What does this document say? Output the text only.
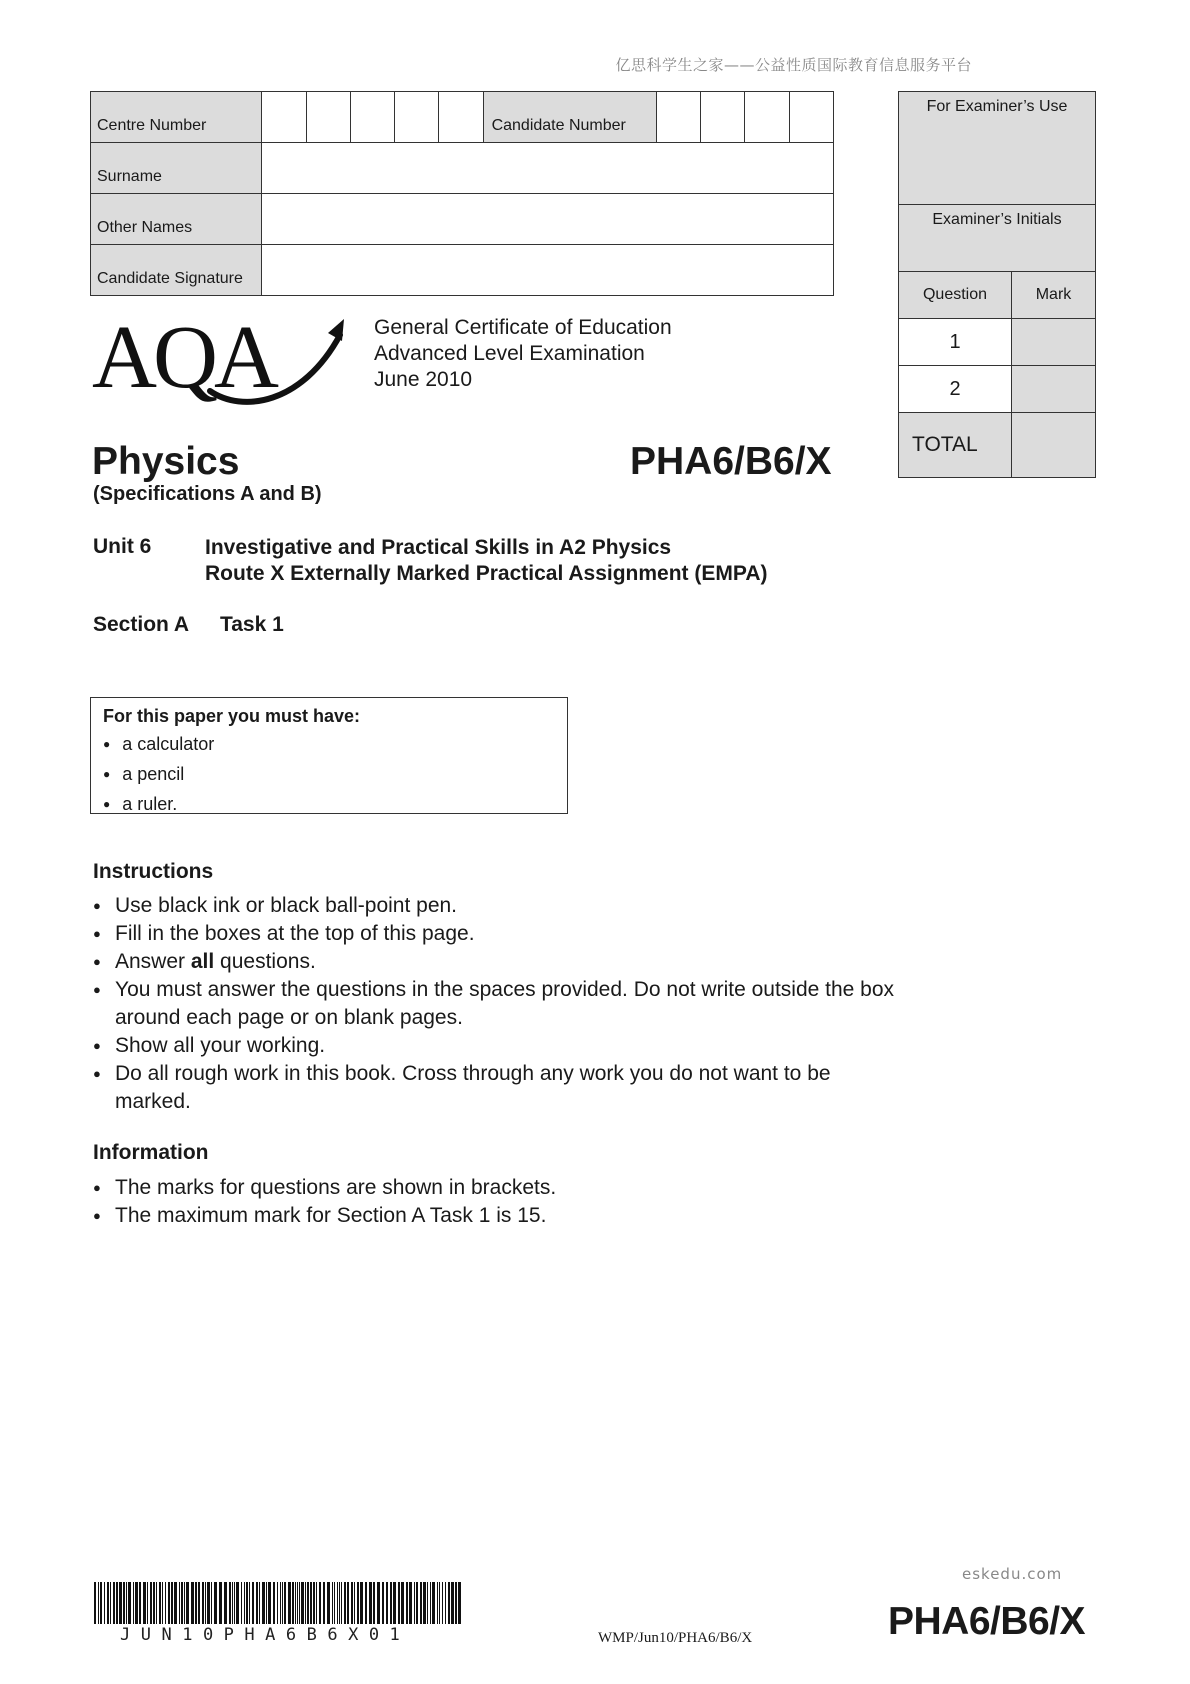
亿思科学生之家——公益性质国际教育信息服务平台
Centre Number						Candidate Number				
Surname										
Other Names										
Candidate Signature										
For Examiner’s Use
Examiner’s Initials
Question	Mark
1	
2	
TOTAL	
AQA	General Certificate of Education
Advanced Level Examination
June 2010
Physics	PHA6/B6/X
(Specifications A and B)
Unit 6	Investigative and Practical Skills in A2 Physics
Route X Externally Marked Practical Assignment (EMPA)
Section A Task 1
For this paper you must have:
● a calculator
● a pencil
● a ruler.
Instructions
● Use black ink or black ball-point pen.
● Fill in the boxes at the top of this page.
● Answer all questions.
● You must answer the questions in the spaces provided. Do not write outside the box around each page or on blank pages.
● Show all your working.
● Do all rough work in this book. Cross through any work you do not want to be marked.
Information
● The marks for questions are shown in brackets.
● The maximum mark for Section A Task 1 is 15.
JUN10PHA6B6X01	WMP/Jun10/PHA6/B6/X
eskedu.com
PHA6/B6/X
